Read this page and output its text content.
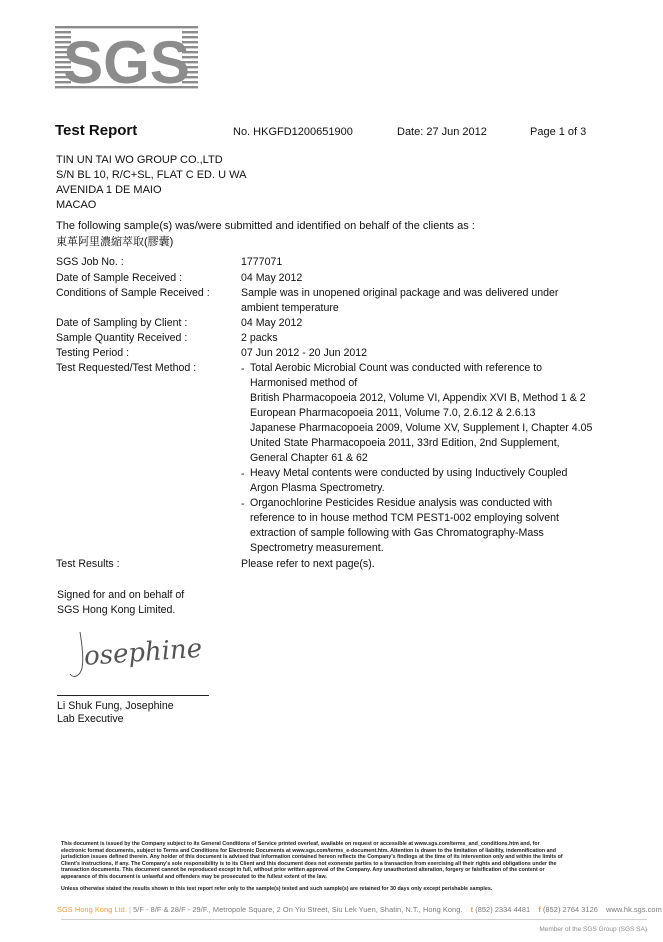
SGS
Test Report	No. HKGFD1200651900	Date: 27 Jun 2012	Page 1 of 3
TIN UN TAI WO GROUP CO.,LTD
S/N BL 10, R/C+SL, FLAT C ED. U WA
AVENIDA 1 DE MAIO
MACAO
The following sample(s) was/were submitted and identified on behalf of the clients as :
東革阿里濃縮萃取(膠囊)
SGS Job No. :	1777071
Date of Sample Received :	04 May 2012
Conditions of Sample Received :	Sample was in unopened original package and was delivered under
ambient temperature
Date of Sampling by Client :	04 May 2012
Sample Quantity Received :	2 packs
Testing Period :	07 Jun 2012 - 20 Jun 2012
Test Requested/Test Method :	- Total Aerobic Microbial Count was conducted with reference to
Harmonised method of
British Pharmacopoeia 2012, Volume VI, Appendix XVI B, Method 1 & 2
European Pharmacopoeia 2011, Volume 7.0, 2.6.12 & 2.6.13
Japanese Pharmacopoeia 2009, Volume XV, Supplement I, Chapter 4.05
United State Pharmacopoeia 2011, 33rd Edition, 2nd Supplement,
General Chapter 61 & 62
- Heavy Metal contents were conducted by using Inductively Coupled
Argon Plasma Spectrometry.
- Organochlorine Pesticides Residue analysis was conducted with
reference to in house method TCM PEST1-002 employing solvent
extraction of sample following with Gas Chromatography-Mass
Spectrometry measurement.
Test Results :	Please refer to next page(s).
Signed for and on behalf of
SGS Hong Kong Limited.
osephine
Li Shuk Fung, Josephine
Lab Executive
This document is issued by the Company subject to its General Conditions of Service printed overleaf, available on request or accessible at www.sgs.com/terms_and_conditions.htm and, for
electronic format documents, subject to Terms and Conditions for Electronic Documents at www.sgs.com/terms_e-document.htm. Attention is drawn to the limitation of liability, indemnification and
jurisdiction issues defined therein. Any holder of this document is advised that information contained hereon reflects the Company's findings at the time of its intervention only and within the limits of
Client's instructions, if any. The Company's sole responsibility is to its Client and this document does not exonerate parties to a transaction from exercising all their rights and obligations under the
transaction documents. This document cannot be reproduced except in full, without prior written approval of the Company. Any unauthorized alteration, forgery or falsification of the content or
appearance of this document is unlawful and offenders may be prosecuted to the fullest extent of the law.
Unless otherwise stated the results shown in this test report refer only to the sample(s) tested and such sample(s) are retained for 30 days only except perishable samples.
SGS Hong Kong Ltd. | 5/F - 8/F & 28/F - 29/F., Metropole Square, 2 On Yiu Street, Siu Lek Yuen, Shatin, N.T., Hong Kong. t (852) 2334 4481 f (852) 2764 3126 www.hk.sgs.com
Member of the SGS Group (SGS SA)
